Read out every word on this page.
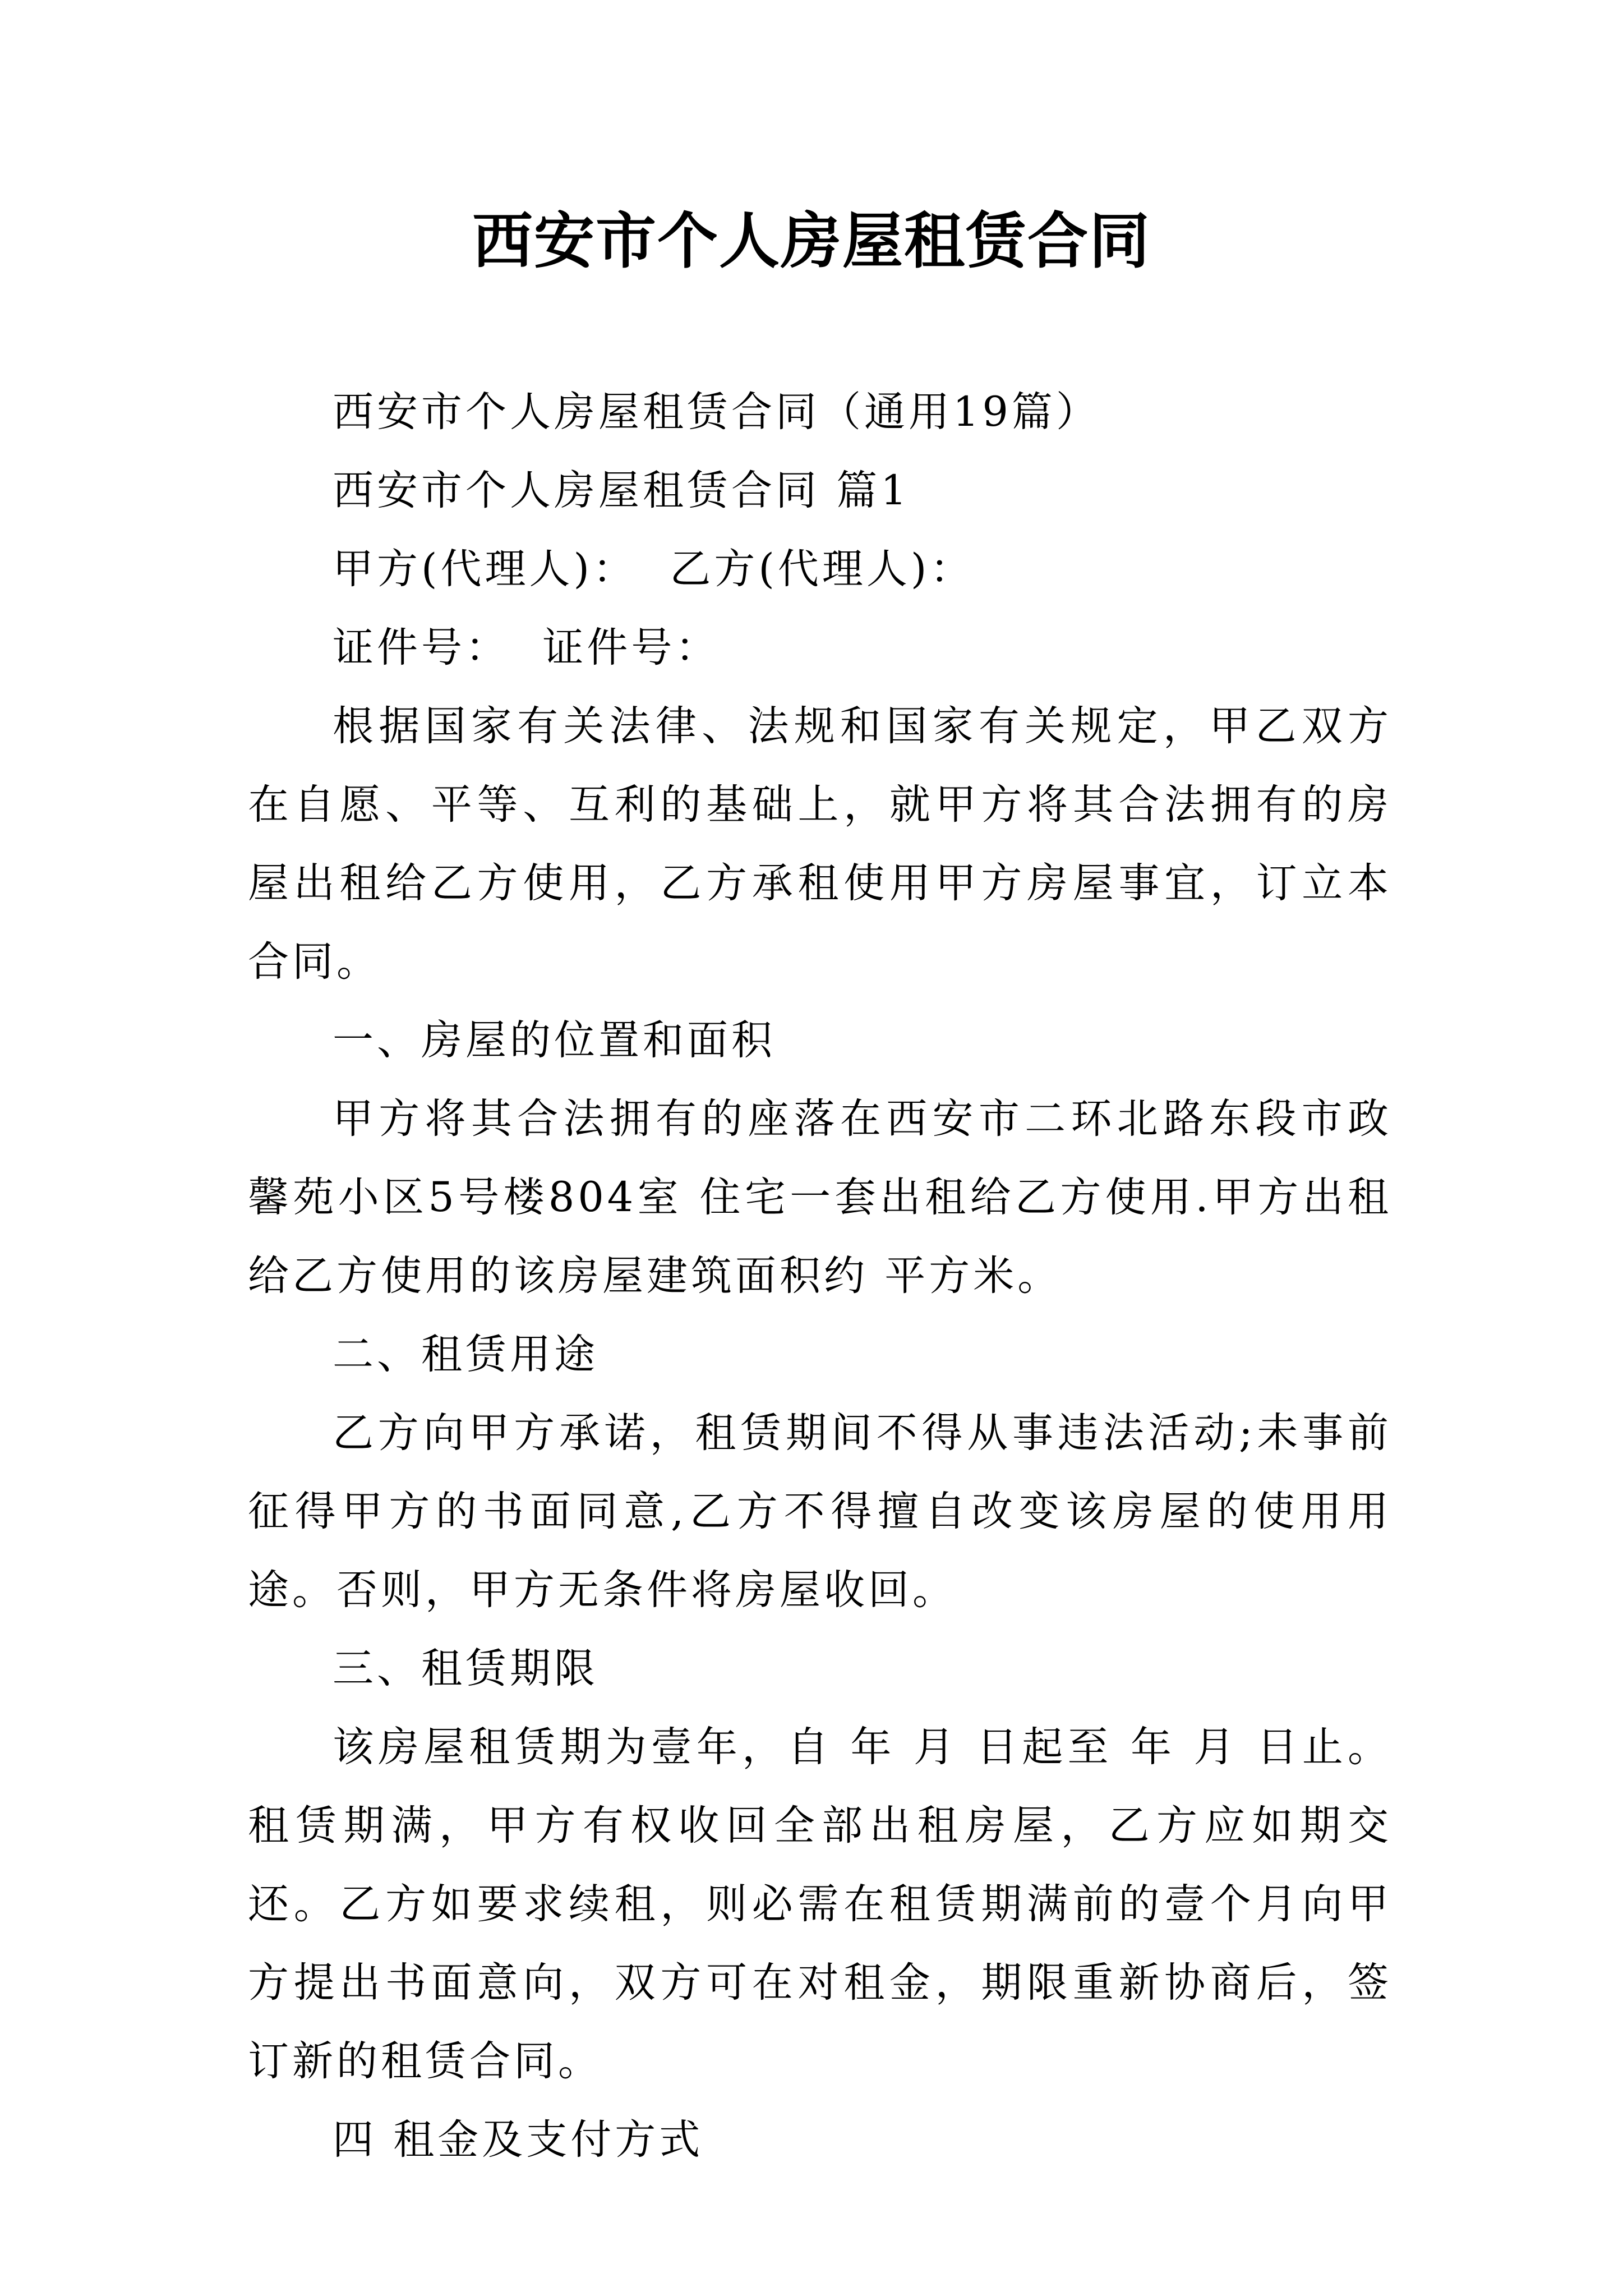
西安市个人房屋租赁合同

西安市个人房屋租赁合同（通用19篇）

西安市个人房屋租赁合同 篇1

甲方(代理人)：  乙方(代理人)：

证件号：  证件号：

根据国家有关法律、法规和国家有关规定，甲乙双方在自愿、平等、互利的基础上，就甲方将其合法拥有的房屋出租给乙方使用，乙方承租使用甲方房屋事宜，订立本合同。

一、房屋的位置和面积

甲方将其合法拥有的座落在西安市二环北路东段市政馨苑小区5号楼804室 住宅一套出租给乙方使用.甲方出租给乙方使用的该房屋建筑面积约 平方米。

二、租赁用途

乙方向甲方承诺，租赁期间不得从事违法活动;未事前征得甲方的书面同意,乙方不得擅自改变该房屋的使用用途。否则，甲方无条件将房屋收回。

三、租赁期限

该房屋租赁期为壹年，自 年 月 日起至 年 月 日止。租赁期满，甲方有权收回全部出租房屋，乙方应如期交还。乙方如要求续租，则必需在租赁期满前的壹个月向甲方提出书面意向，双方可在对租金，期限重新协商后，签订新的租赁合同。

四 租金及支付方式
